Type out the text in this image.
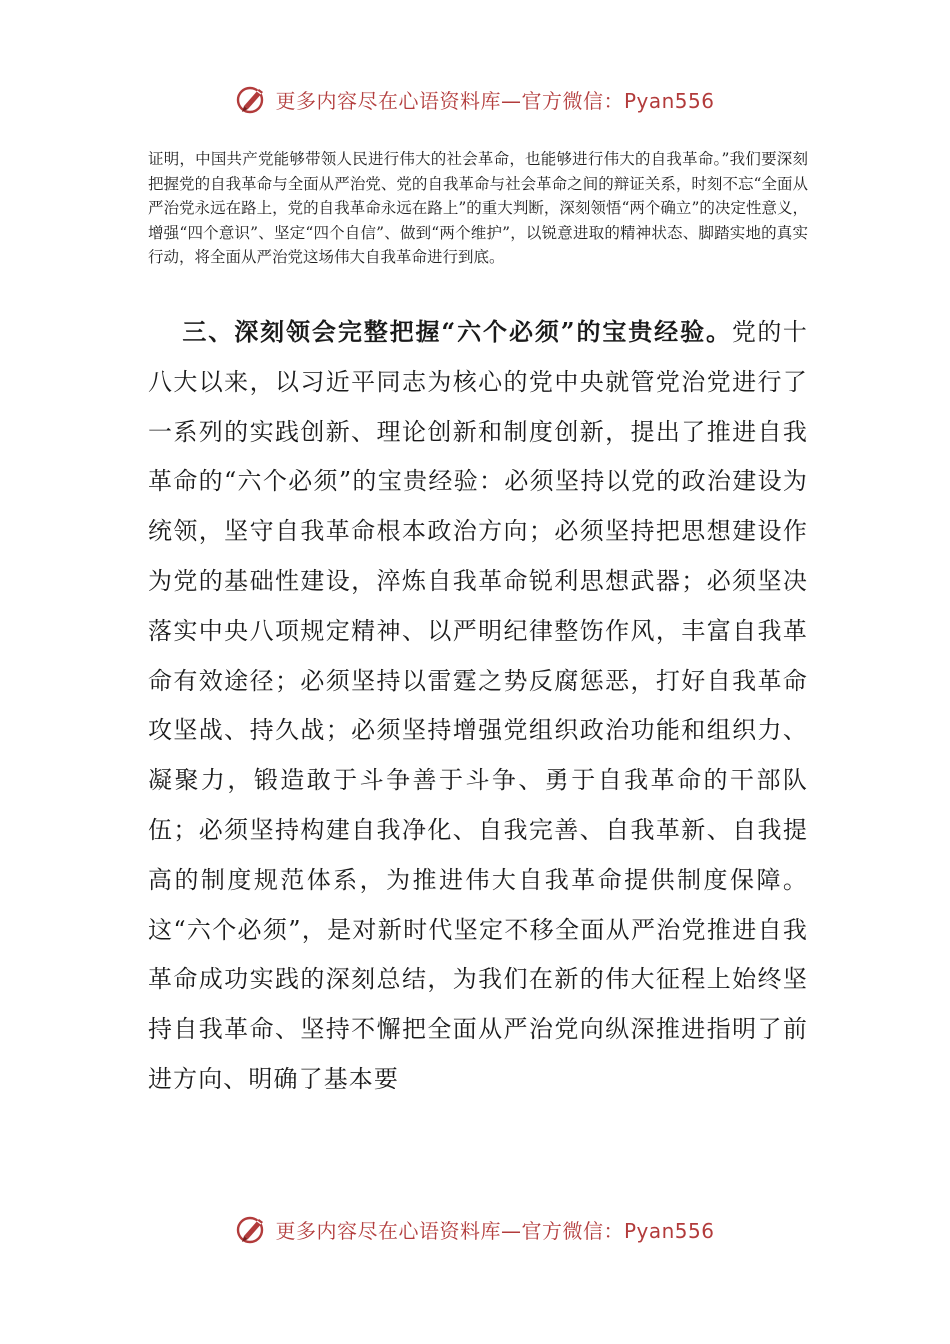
更多内容尽在心语资料库—官方微信：Pyan556

证明，中国共产党能够带领人民进行伟大的社会革命，也能够进行伟大的自我革命。”我们要深刻把握党的自我革命与全面从严治党、党的自我革命与社会革命之间的辩证关系，时刻不忘“全面从严治党永远在路上，党的自我革命永远在路上”的重大判断，深刻领悟“两个确立”的决定性意义，增强“四个意识”、坚定“四个自信”、做到“两个维护”，以锐意进取的精神状态、脚踏实地的真实行动，将全面从严治党这场伟大自我革命进行到底。

三、深刻领会完整把握“六个必须”的宝贵经验。党的十八大以来，以习近平同志为核心的党中央就管党治党进行了一系列的实践创新、理论创新和制度创新，提出了推进自我革命的“六个必须”的宝贵经验：必须坚持以党的政治建设为统领，坚守自我革命根本政治方向；必须坚持把思想建设作为党的基础性建设，淬炼自我革命锐利思想武器；必须坚决落实中央八项规定精神、以严明纪律整饬作风，丰富自我革命有效途径；必须坚持以雷霆之势反腐惩恶，打好自我革命攻坚战、持久战；必须坚持增强党组织政治功能和组织力、凝聚力，锻造敢于斗争善于斗争、勇于自我革命的干部队伍；必须坚持构建自我净化、自我完善、自我革新、自我提高的制度规范体系，为推进伟大自我革命提供制度保障。这“六个必须”，是对新时代坚定不移全面从严治党推进自我革命成功实践的深刻总结，为我们在新的伟大征程上始终坚持自我革命、坚持不懈把全面从严治党向纵深推进指明了前进方向、明确了基本要

更多内容尽在心语资料库—官方微信：Pyan556
